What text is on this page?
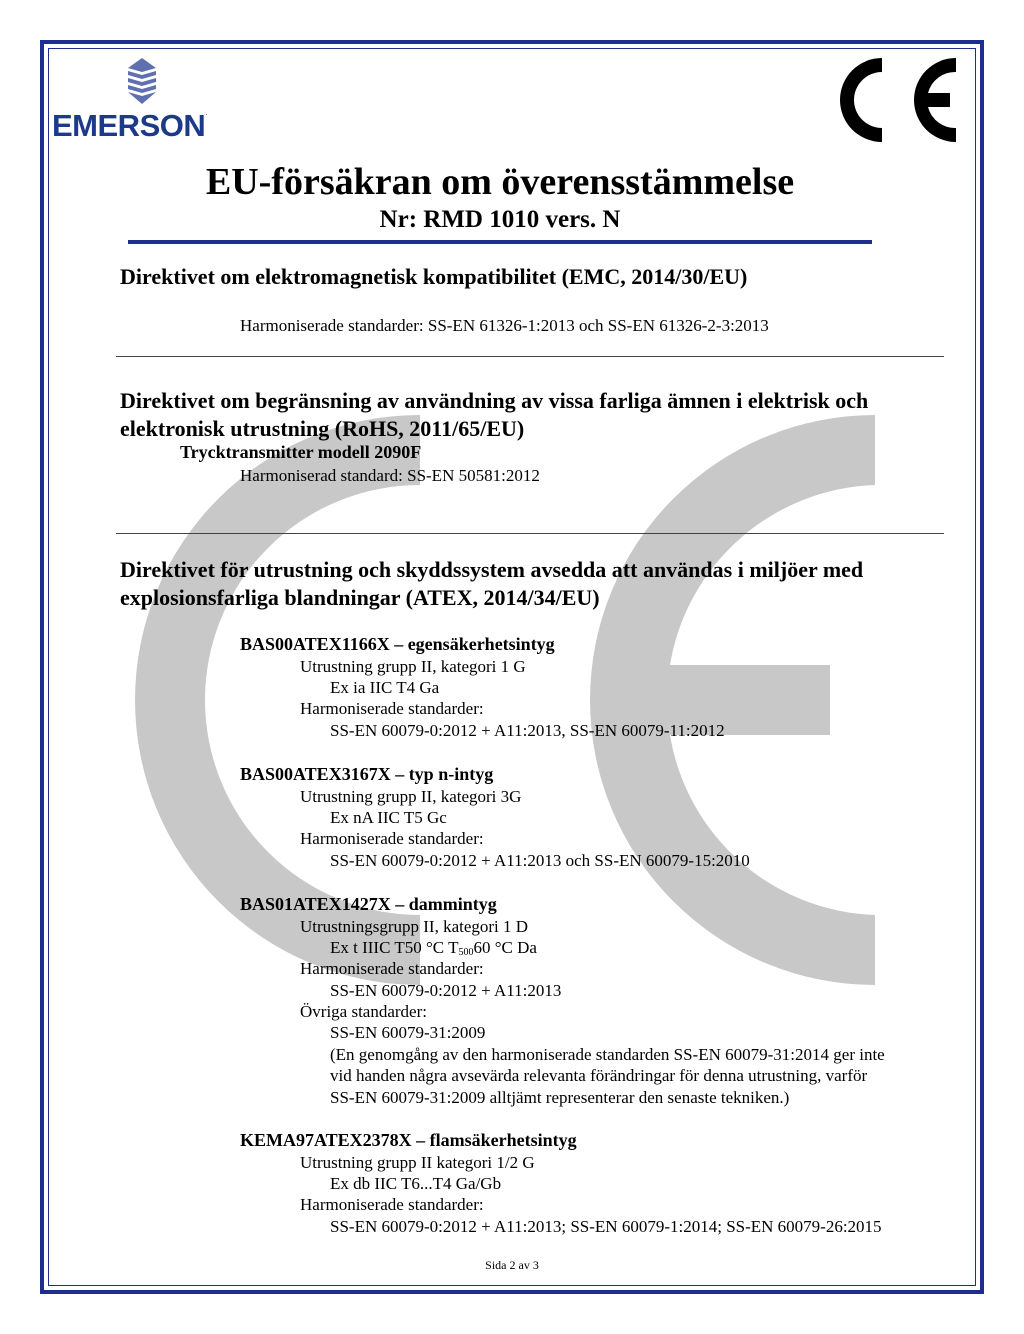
EMERSON.
EU-försäkran om överensstämmelse
Nr: RMD 1010 vers. N
Direktivet om elektromagnetisk kompatibilitet (EMC, 2014/30/EU)
Harmoniserade standarder: SS-EN 61326-1:2013 och SS-EN 61326-2-3:2013
Direktivet om begränsning av användning av vissa farliga ämnen i elektrisk och
elektronisk utrustning (RoHS, 2011/65/EU)
Trycktransmitter modell 2090F
Harmoniserad standard: SS-EN 50581:2012
Direktivet för utrustning och skyddssystem avsedda att användas i miljöer med
explosionsfarliga blandningar (ATEX, 2014/34/EU)
BAS00ATEX1166X – egensäkerhetsintyg
Utrustning grupp II, kategori 1 G
Ex ia IIC T4 Ga
Harmoniserade standarder:
SS-EN 60079-0:2012 + A11:2013, SS-EN 60079-11:2012
BAS00ATEX3167X – typ n-intyg
Utrustning grupp II, kategori 3G
Ex nA IIC T5 Gc
Harmoniserade standarder:
SS-EN 60079-0:2012 + A11:2013 och SS-EN 60079-15:2010
BAS01ATEX1427X – dammintyg
Utrustningsgrupp II, kategori 1 D
Ex t IIIC T50 °C $T_{500}60$ °C Da
Harmoniserade standarder:
SS-EN 60079-0:2012 + A11:2013
Övriga standarder:
SS-EN 60079-31:2009
(En genomgång av den harmoniserade standarden SS-EN 60079-31:2014 ger inte
vid handen några avsevärda relevanta förändringar för denna utrustning, varför
SS-EN 60079-31:2009 alltjämt representerar den senaste tekniken.)
KEMA97ATEX2378X – flamsäkerhetsintyg
Utrustning grupp II kategori 1/2 G
Ex db IIC T6...T4 Ga/Gb
Harmoniserade standarder:
SS-EN 60079-0:2012 + A11:2013; SS-EN 60079-1:2014; SS-EN 60079-26:2015
Sida 2 av 3
